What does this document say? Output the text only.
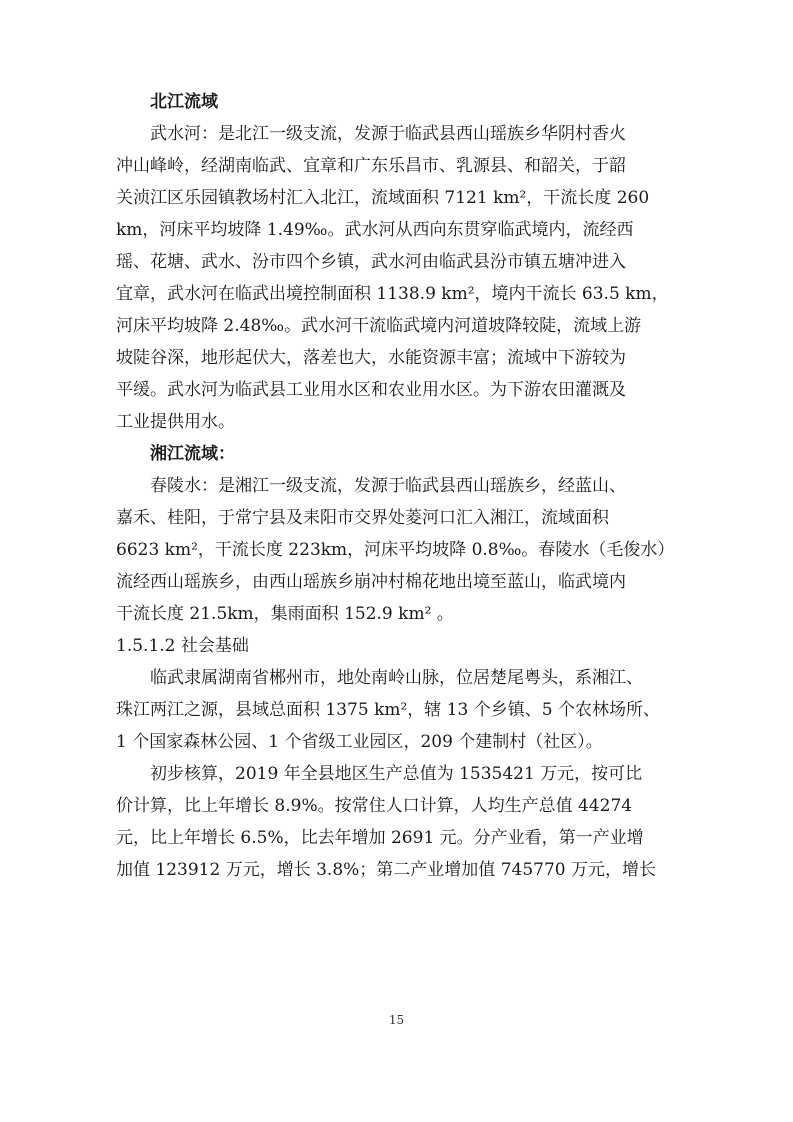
北江流域
武水河：是北江一级支流，发源于临武县西山瑶族乡华阴村香火
冲山峰岭，经湖南临武、宜章和广东乐昌市、乳源县、和韶关，于韶
关浈江区乐园镇教场村汇入北江，流域面积 7121 km²，干流长度 260
km，河床平均坡降 1.49‰。武水河从西向东贯穿临武境内，流经西
瑶、花塘、武水、汾市四个乡镇，武水河由临武县汾市镇五塘冲进入
宜章，武水河在临武出境控制面积 1138.9 km²，境内干流长 63.5 km，
河床平均坡降 2.48‰。武水河干流临武境内河道坡降较陡，流域上游
坡陡谷深，地形起伏大，落差也大，水能资源丰富；流域中下游较为
平缓。武水河为临武县工业用水区和农业用水区。为下游农田灌溉及
工业提供用水。
湘江流域：
春陵水：是湘江一级支流，发源于临武县西山瑶族乡，经蓝山、
嘉禾、桂阳，于常宁县及耒阳市交界处菱河口汇入湘江，流域面积
6623 km²，干流长度 223km，河床平均坡降 0.8‰。春陵水（毛俊水）
流经西山瑶族乡，由西山瑶族乡崩冲村棉花地出境至蓝山，临武境内
干流长度 21.5km，集雨面积 152.9 km² 。
1.5.1.2 社会基础
临武隶属湖南省郴州市，地处南岭山脉，位居楚尾粤头，系湘江、
珠江两江之源，县域总面积 1375 km²，辖 13 个乡镇、5 个农林场所、
1 个国家森林公园、1 个省级工业园区，209 个建制村（社区）。
初步核算，2019 年全县地区生产总值为 1535421 万元，按可比
价计算，比上年增长 8.9%。按常住人口计算，人均生产总值 44274
元，比上年增长 6.5%，比去年增加 2691 元。分产业看，第一产业增
加值 123912 万元，增长 3.8%；第二产业增加值 745770 万元，增长
15
